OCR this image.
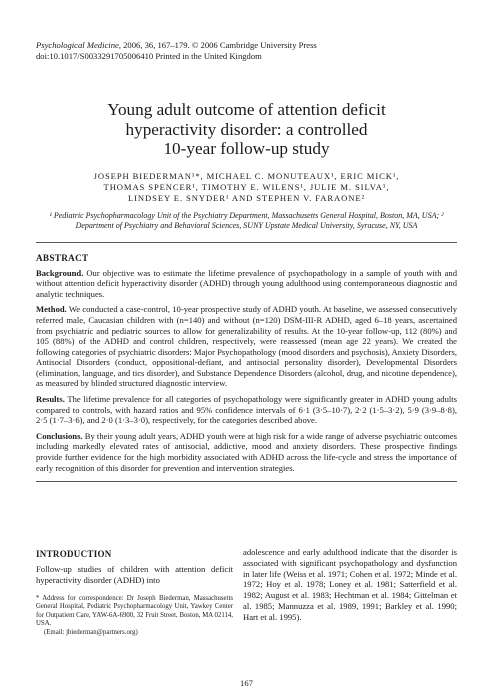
Psychological Medicine, 2006, 36, 167–179. © 2006 Cambridge University Press
doi:10.1017/S0033291705006410 Printed in the United Kingdom
Young adult outcome of attention deficit
hyperactivity disorder: a controlled
10-year follow-up study
JOSEPH BIEDERMAN¹*, MICHAEL C. MONUTEAUX¹, ERIC MICK¹,
THOMAS SPENCER¹, TIMOTHY E. WILENS¹, JULIE M. SILVA¹,
LINDSEY E. SNYDER¹ AND STEPHEN V. FARAONE²
¹ Pediatric Psychopharmacology Unit of the Psychiatry Department, Massachusetts General Hospital, Boston, MA, USA; ² Department of Psychiatry and Behavioral Sciences, SUNY Upstate Medical University, Syracuse, NY, USA
ABSTRACT
Background. Our objective was to estimate the lifetime prevalence of psychopathology in a sample of youth with and without attention deficit hyperactivity disorder (ADHD) through young adulthood using contemporaneous diagnostic and analytic techniques.
Method. We conducted a case-control, 10-year prospective study of ADHD youth. At baseline, we assessed consecutively referred male, Caucasian children with (n=140) and without (n=120) DSM-III-R ADHD, aged 6–18 years, ascertained from psychiatric and pediatric sources to allow for generalizability of results. At the 10-year follow-up, 112 (80%) and 105 (88%) of the ADHD and control children, respectively, were reassessed (mean age 22 years). We created the following categories of psychiatric disorders: Major Psychopathology (mood disorders and psychosis), Anxiety Disorders, Antisocial Disorders (conduct, oppositional-defiant, and antisocial personality disorder), Developmental Disorders (elimination, language, and tics disorder), and Substance Dependence Disorders (alcohol, drug, and nicotine dependence), as measured by blinded structured diagnostic interview.
Results. The lifetime prevalence for all categories of psychopathology were significantly greater in ADHD young adults compared to controls, with hazard ratios and 95% confidence intervals of 6·1 (3·5–10·7), 2·2 (1·5–3·2), 5·9 (3·9–8·8), 2·5 (1·7–3·6), and 2·0 (1·3–3·0), respectively, for the categories described above.
Conclusions. By their young adult years, ADHD youth were at high risk for a wide range of adverse psychiatric outcomes including markedly elevated rates of antisocial, addictive, mood and anxiety disorders. These prospective findings provide further evidence for the high morbidity associated with ADHD across the life-cycle and stress the importance of early recognition of this disorder for prevention and intervention strategies.
INTRODUCTION
Follow-up studies of children with attention deficit hyperactivity disorder (ADHD) into
* Address for correspondence: Dr Joseph Biederman, Massachusetts General Hospital, Pediatric Psychopharmacology Unit, Yawkey Center for Outpatient Care, YAW-6A-6900, 32 Fruit Street, Boston, MA 02114, USA.
(Email: jbiederman@partners.org)
adolescence and early adulthood indicate that the disorder is associated with significant psychopathology and dysfunction in later life (Weiss et al. 1971; Cohen et al. 1972; Minde et al. 1972; Hoy et al. 1978; Loney et al. 1981; Satterfield et al. 1982; August et al. 1983; Hechtman et al. 1984; Gittelman et al. 1985; Mannuzza et al. 1989, 1991; Barkley et al. 1990; Hart et al. 1995).
167
